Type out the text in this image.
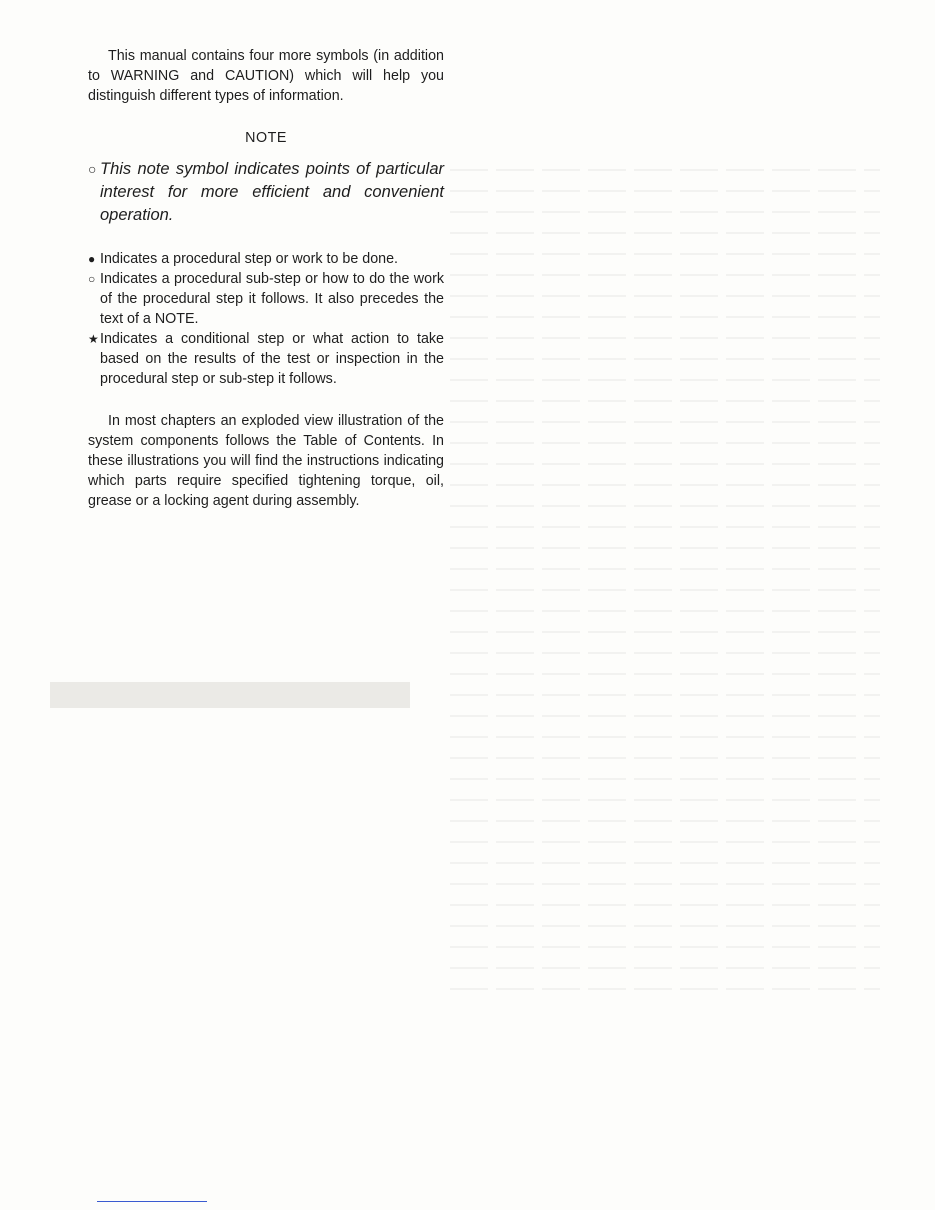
This manual contains four more symbols (in addition to WARNING and CAUTION) which will help you distinguish different types of information.

NOTE

○ This note symbol indicates points of particular interest for more efficient and convenient operation.
● Indicates a procedural step or work to be done.
○ Indicates a procedural sub-step or how to do the work of the procedural step it follows. It also precedes the text of a NOTE.
★ Indicates a conditional step or what action to take based on the results of the test or inspection in the procedural step or sub-step it follows.

In most chapters an exploded view illustration of the system components follows the Table of Contents. In these illustrations you will find the instructions indicating which parts require specified tightening torque, oil, grease or a locking agent during assembly.
